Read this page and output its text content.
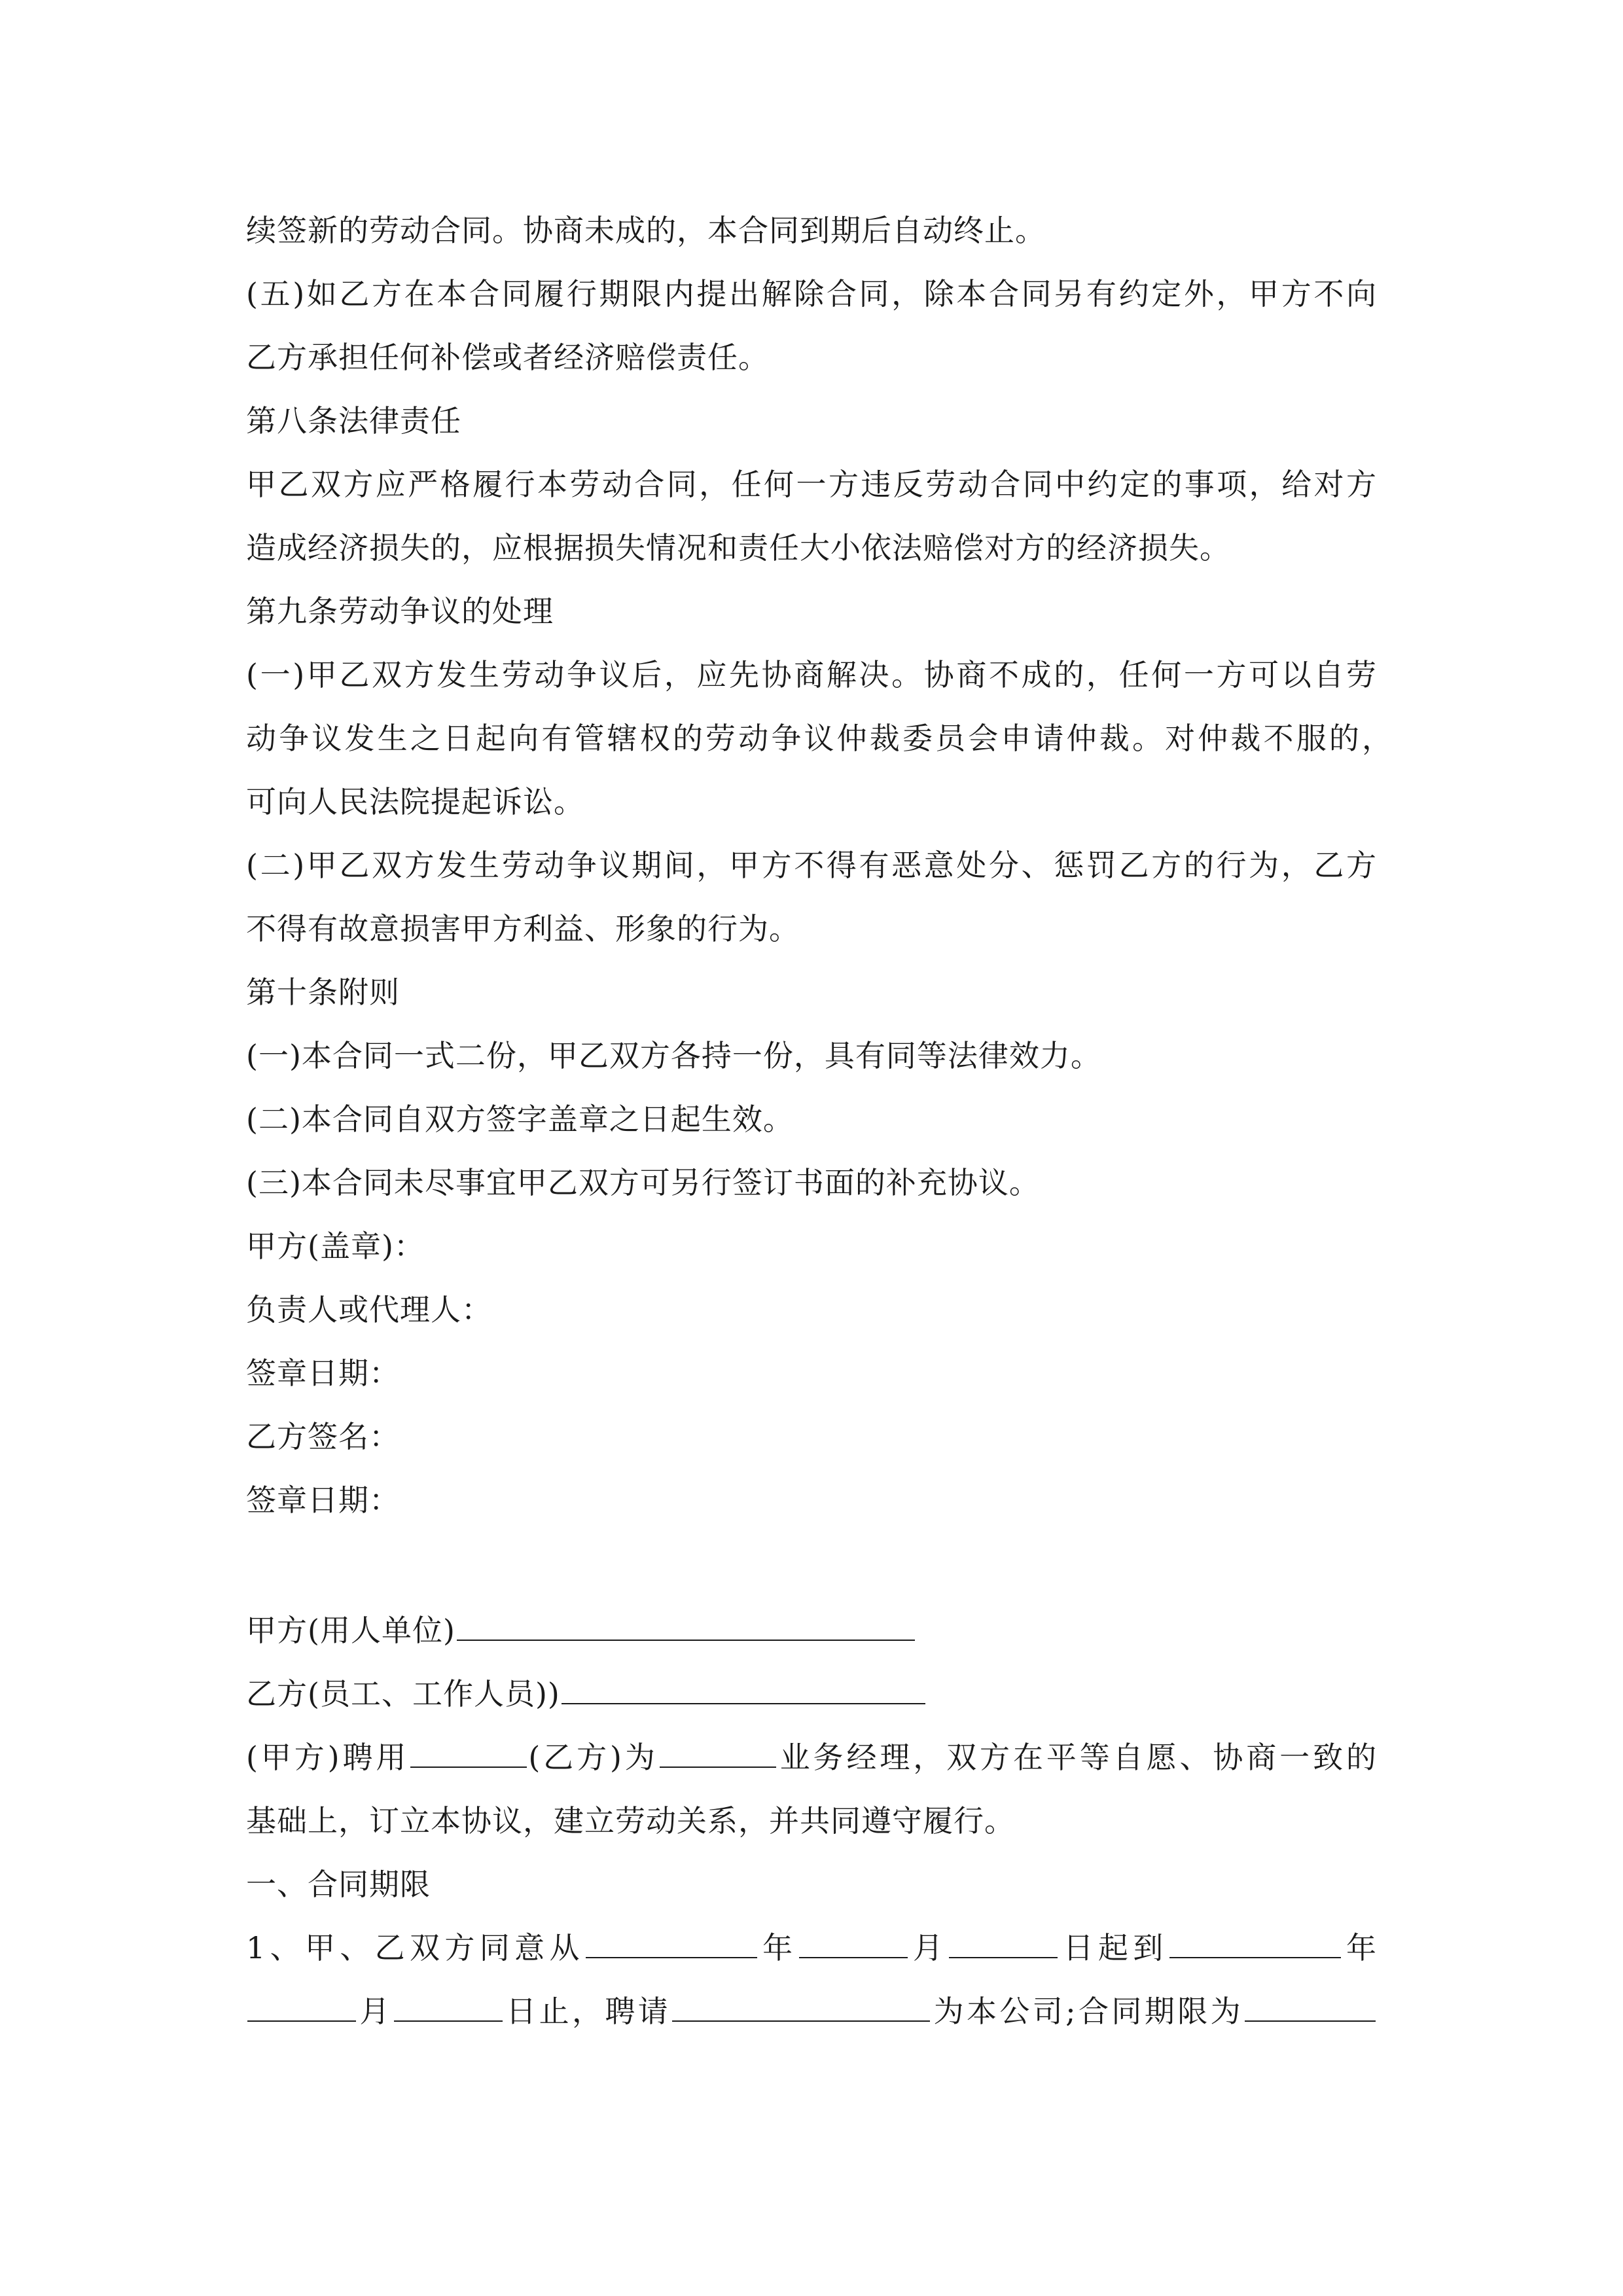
续签新的劳动合同。协商未成的，本合同到期后自动终止。
(五)如乙方在本合同履行期限内提出解除合同，除本合同另有约定外，甲方不向
乙方承担任何补偿或者经济赔偿责任。
第八条法律责任
甲乙双方应严格履行本劳动合同，任何一方违反劳动合同中约定的事项，给对方
造成经济损失的，应根据损失情况和责任大小依法赔偿对方的经济损失。
第九条劳动争议的处理
(一)甲乙双方发生劳动争议后，应先协商解决。协商不成的，任何一方可以自劳
动争议发生之日起向有管辖权的劳动争议仲裁委员会申请仲裁。对仲裁不服的，
可向人民法院提起诉讼。
(二)甲乙双方发生劳动争议期间，甲方不得有恶意处分、惩罚乙方的行为，乙方
不得有故意损害甲方利益、形象的行为。
第十条附则
(一)本合同一式二份，甲乙双方各持一份，具有同等法律效力。
(二)本合同自双方签字盖章之日起生效。
(三)本合同未尽事宜甲乙双方可另行签订书面的补充协议。
甲方(盖章)：
负责人或代理人：
签章日期：
乙方签名：
签章日期：
甲方(用人单位)
乙方(员工、工作人员))
(甲方)聘用	(乙方)为	业务经理，双方在平等自愿、协商一致的
基础上，订立本协议，建立劳动关系，并共同遵守履行。
一、合同期限
1、甲、乙双方同意从	年	月	日起到	年
月	日止，聘请	为本公司;合同期限为
